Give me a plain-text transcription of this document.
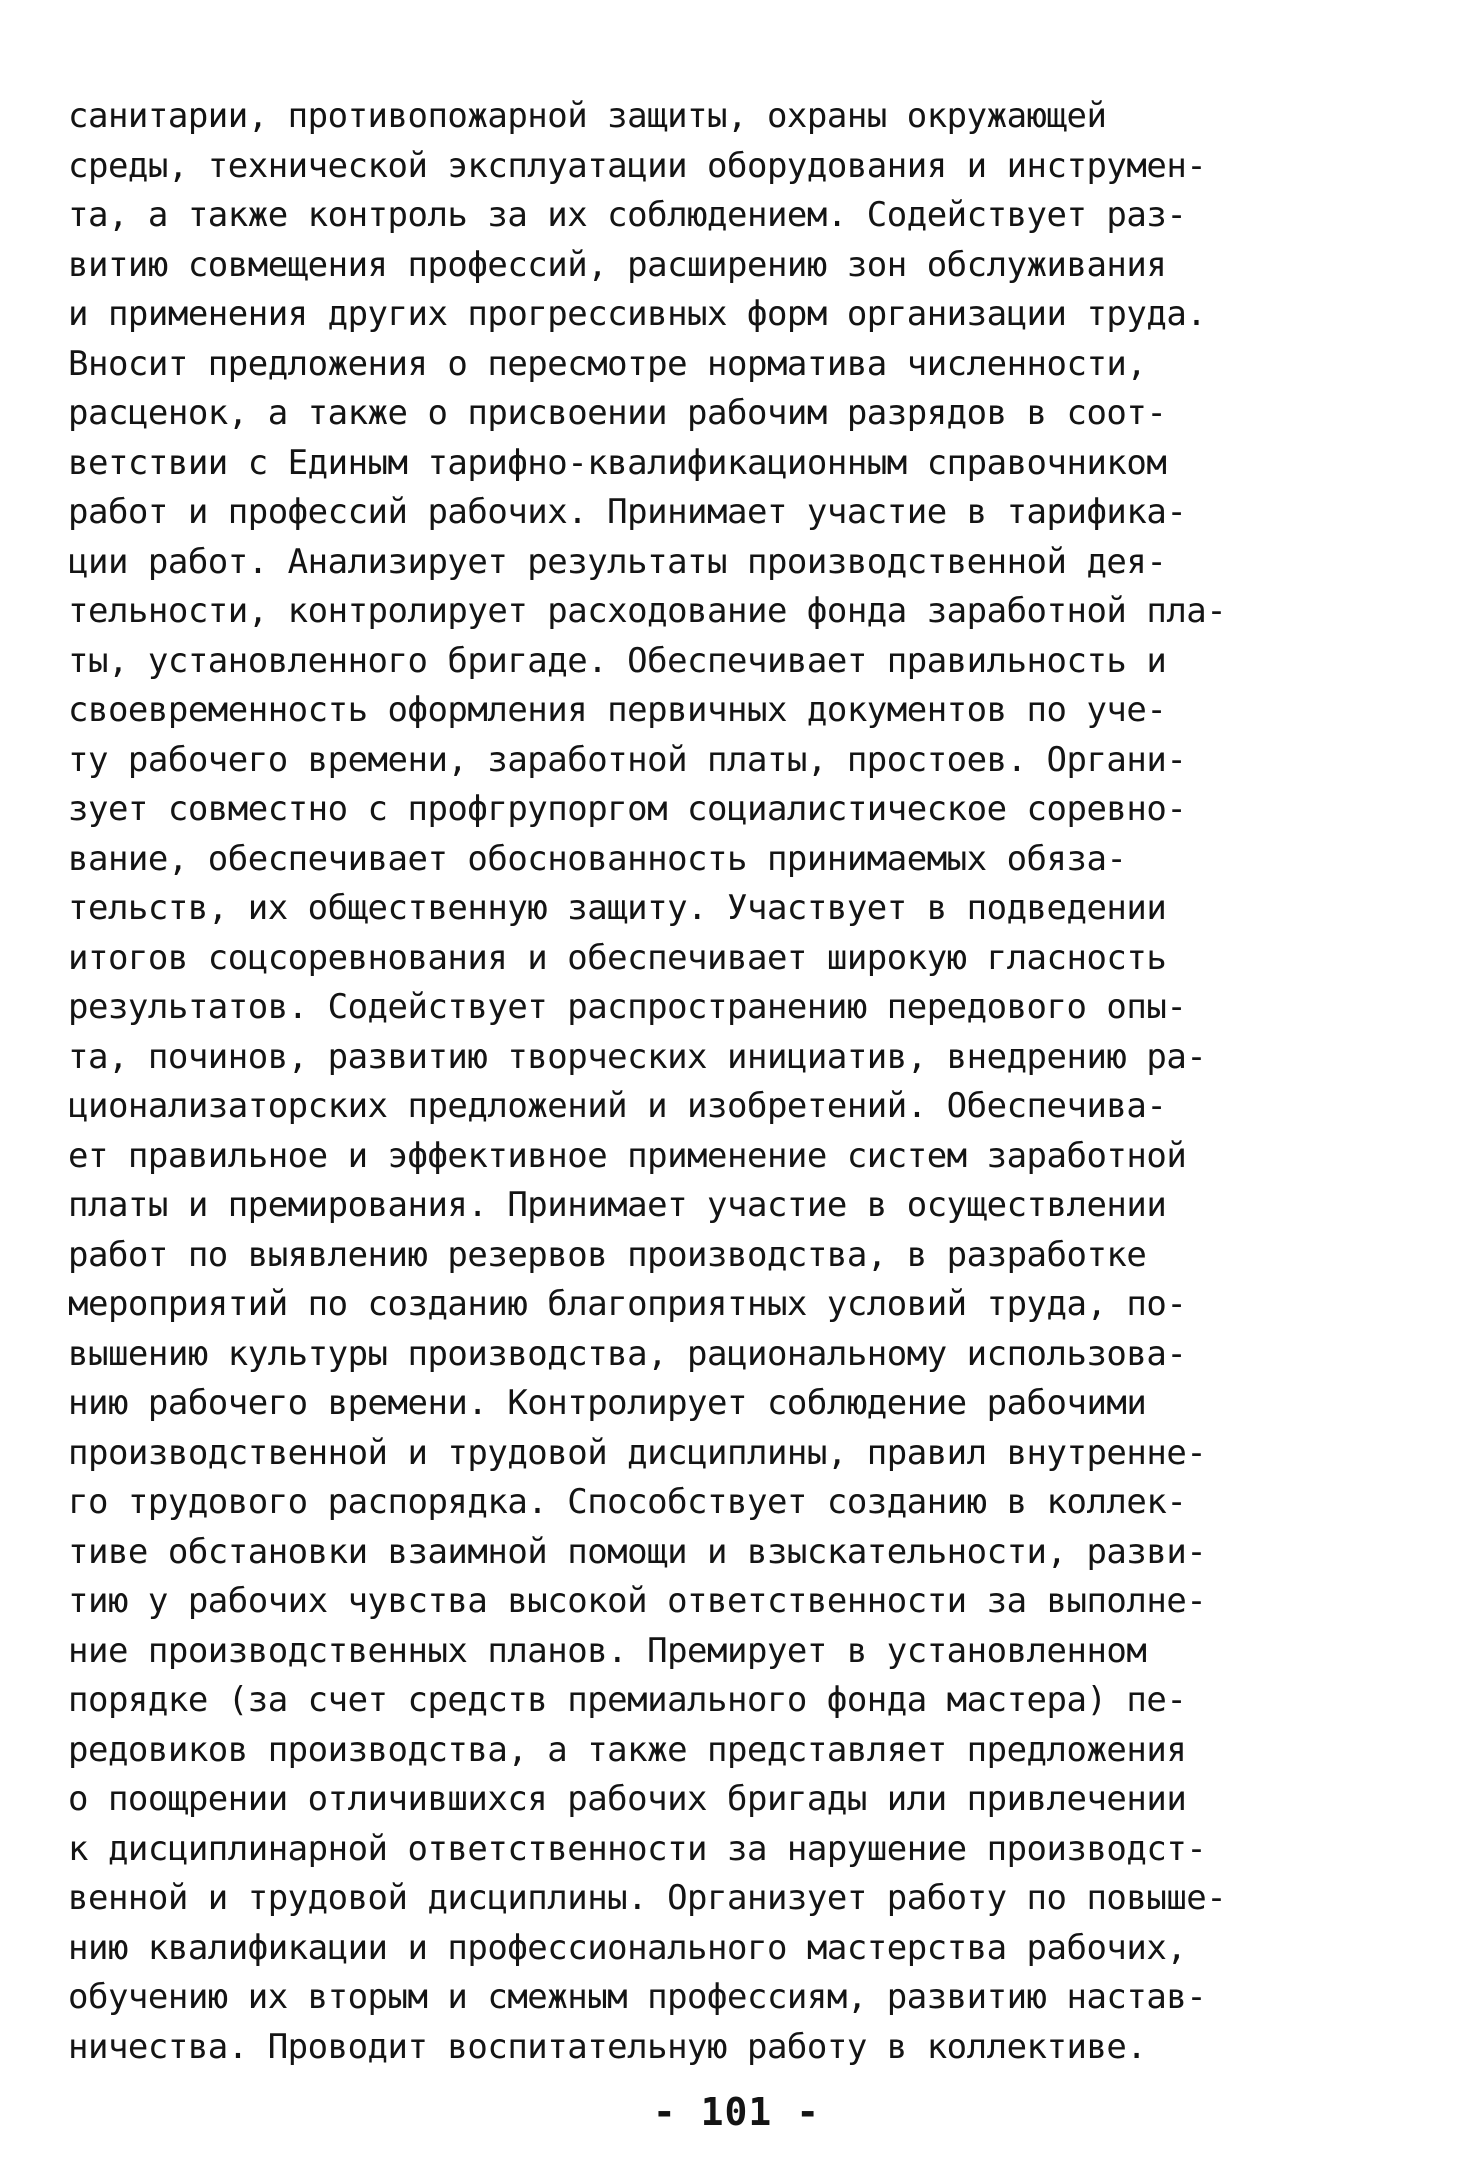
санитарии, противопожарной защиты, охраны окружающей
среды, технической эксплуатации оборудования и инструмен-
та, а также контроль за их соблюдением. Содействует раз-
витию совмещения профессий, расширению зон обслуживания
и применения других прогрессивных форм организации труда.
Вносит предложения о пересмотре норматива численности,
расценок, а также о присвоении рабочим разрядов в соот-
ветствии с Единым тарифно-квалификационным справочником
работ и профессий рабочих. Принимает участие в тарифика-
ции работ. Анализирует результаты производственной дея-
тельности, контролирует расходование фонда заработной пла-
ты, установленного бригаде. Обеспечивает правильность и
своевременность оформления первичных документов по уче-
ту рабочего времени, заработной платы, простоев. Органи-
зует совместно с профгрупоргом социалистическое соревно-
вание, обеспечивает обоснованность принимаемых обяза-
тельств, их общественную защиту. Участвует в подведении
итогов соцсоревнования и обеспечивает широкую гласность
результатов. Содействует распространению передового опы-
та, починов, развитию творческих инициатив, внедрению ра-
ционализаторских предложений и изобретений. Обеспечива-
ет правильное и эффективное применение систем заработной
платы и премирования. Принимает участие в осуществлении
работ по выявлению резервов производства, в разработке
мероприятий по созданию благоприятных условий труда, по-
вышению культуры производства, рациональному использова-
нию рабочего времени. Контролирует соблюдение рабочими
производственной и трудовой дисциплины, правил внутренне-
го трудового распорядка. Способствует созданию в коллек-
тиве обстановки взаимной помощи и взыскательности, разви-
тию у рабочих чувства высокой ответственности за выполне-
ние производственных планов. Премирует в установленном
порядке (за счет средств премиального фонда мастера) пе-
редовиков производства, а также представляет предложения
о поощрении отличившихся рабочих бригады или привлечении
к дисциплинарной ответственности за нарушение производст-
венной и трудовой дисциплины. Организует работу по повыше-
нию квалификации и профессионального мастерства рабочих,
обучению их вторым и смежным профессиям, развитию настав-
ничества. Проводит воспитательную работу в коллективе.
- 101 -
